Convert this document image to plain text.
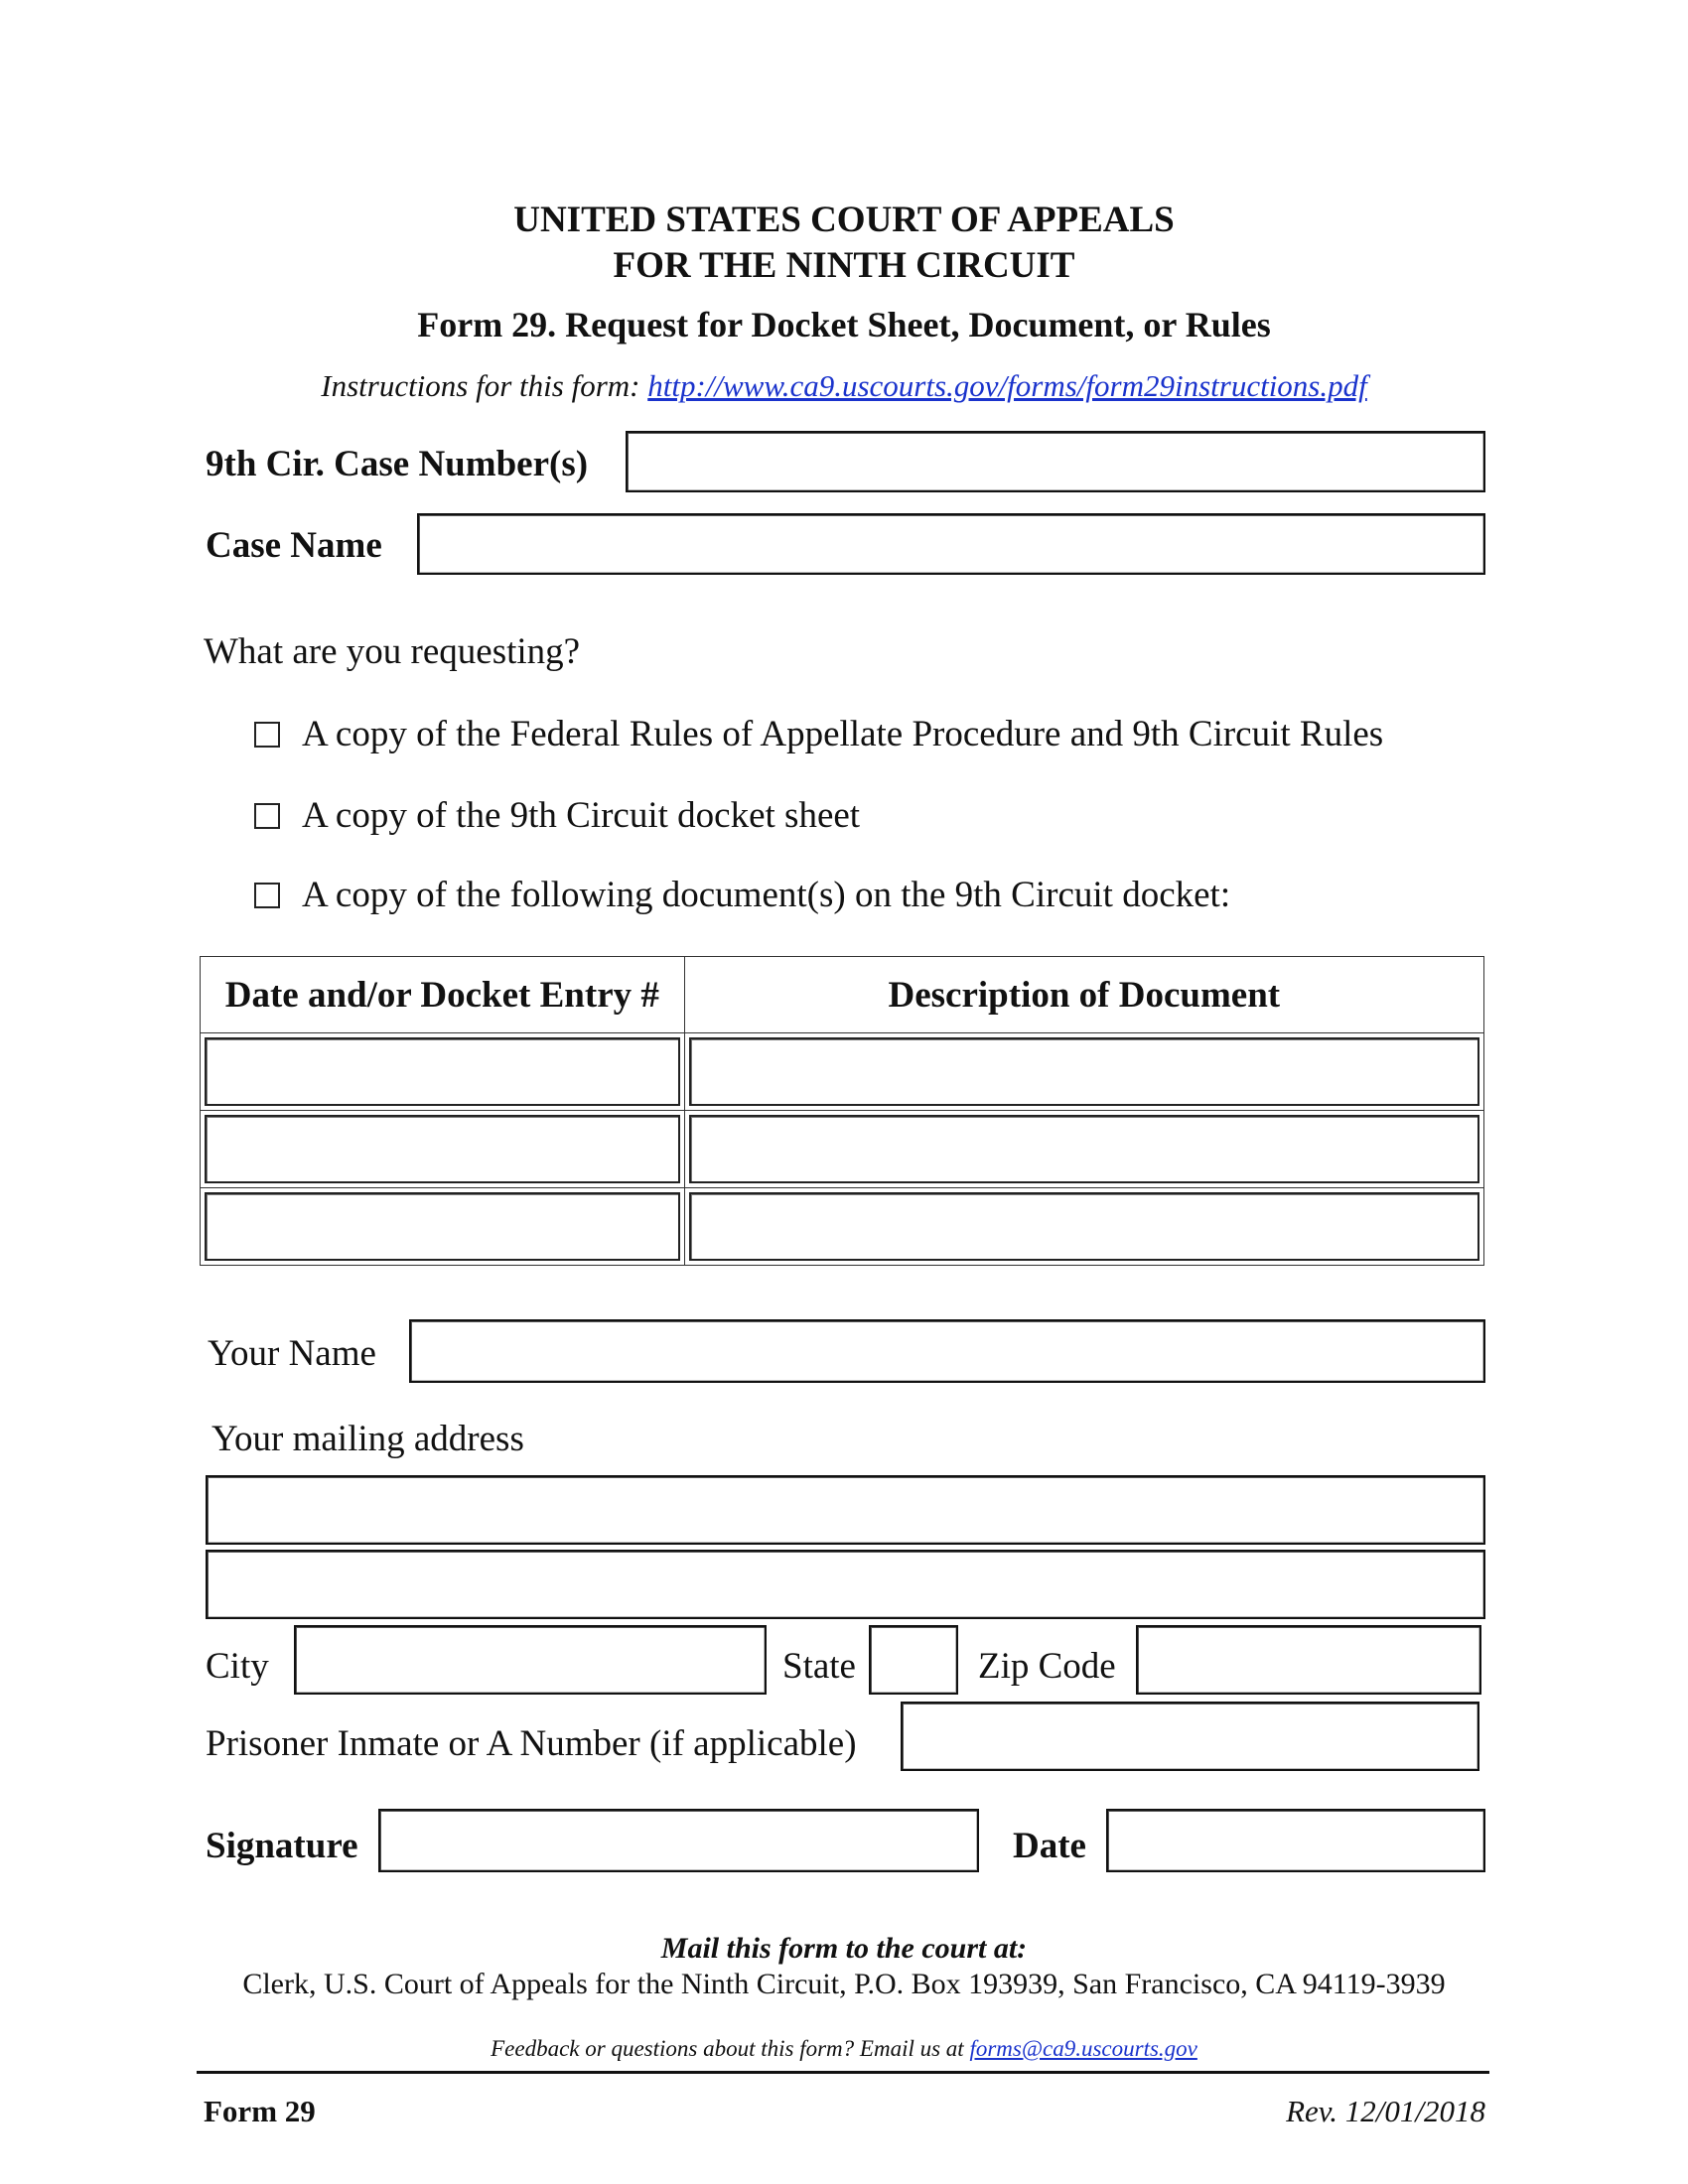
UNITED STATES COURT OF APPEALS
FOR THE NINTH CIRCUIT
Form 29. Request for Docket Sheet, Document, or Rules
Instructions for this form: http://www.ca9.uscourts.gov/forms/form29instructions.pdf
9th Cir. Case Number(s)
Case Name
What are you requesting?
A copy of the Federal Rules of Appellate Procedure and 9th Circuit Rules
A copy of the 9th Circuit docket sheet
A copy of the following document(s) on the 9th Circuit docket:
Date and/or Docket Entry #	Description of Document

Your Name
Your mailing address
City	State	Zip Code
Prisoner Inmate or A Number (if applicable)
Signature	Date
Mail this form to the court at:
Clerk, U.S. Court of Appeals for the Ninth Circuit, P.O. Box 193939, San Francisco, CA 94119-3939
Feedback or questions about this form? Email us at forms@ca9.uscourts.gov
Form 29	Rev. 12/01/2018
